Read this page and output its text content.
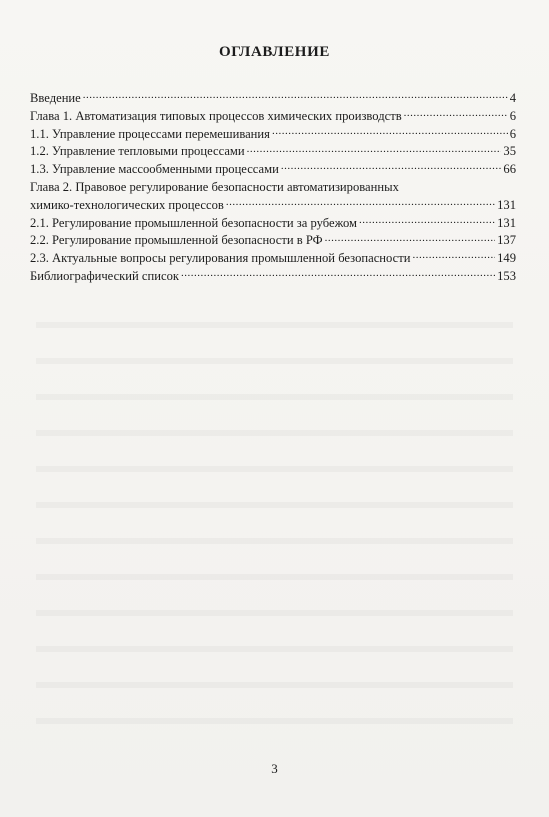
ОГЛАВЛЕНИЕ
Введение .....	4
Глава 1. Автоматизация типовых процессов химических производств .....	6
1.1. Управление процессами перемешивания .....	6
1.2. Управление тепловыми процессами .....	35
1.3. Управление массообменными процессами .....	66
Глава 2. Правовое регулирование безопасности автоматизированных
химико-технологических процессов .....	131
2.1. Регулирование промышленной безопасности за рубежом .....	131
2.2. Регулирование промышленной безопасности в РФ .....	137
2.3. Актуальные вопросы регулирования промышленной безопасности .....	149
Библиографический список .....	153
3
